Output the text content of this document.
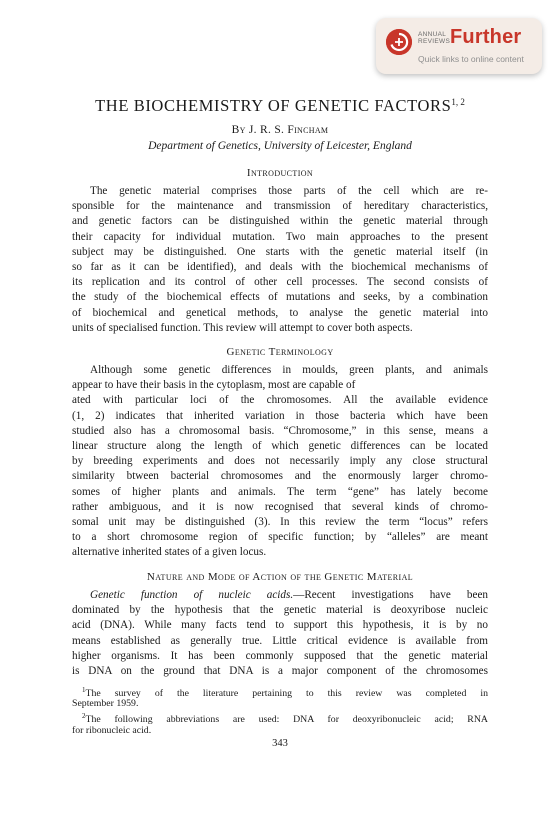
ANNUAL
REVIEWS Further
Quick links to online content
THE BIOCHEMISTRY OF GENETIC FACTORS$^{1, 2}$
By J. R. S. Fincham
Department of Genetics, University of Leicester, England
Introduction
The genetic material comprises those parts of the cell which are re-
sponsible for the maintenance and transmission of hereditary characteristics,
and genetic factors can be distinguished within the genetic material through
their capacity for individual mutation. Two main approaches to the present
subject may be distinguished. One starts with the genetic material itself (in
so far as it can be identified), and deals with the biochemical mechanisms of
its replication and its control of other cell processes. The second consists of
the study of the biochemical effects of mutations and seeks, by a combination
of biochemical and genetical methods, to analyse the genetic material into
units of specialised function. This review will attempt to cover both aspects.
Genetic Terminology
Although some genetic differences in moulds, green plants, and animals
appear to have their basis in the cytoplasm, most are capable of
ated with particular loci of the chromosomes. All the available evidence
(1, 2) indicates that inherited variation in those bacteria which have been
studied also has a chromosomal basis. “Chromosome,” in this sense, means a
linear structure along the length of which genetic differences can be located
by breeding experiments and does not necessarily imply any close structural
similarity btween bacterial chromosomes and the enormously larger chromo-
somes of higher plants and animals. The term “gene” has lately become
rather ambiguous, and it is now recognised that several kinds of chromo-
somal unit may be distinguished (3). In this review the term “locus” refers
to a short chromosome region of specific function; by “alleles” are meant
alternative inherited states of a given locus.
Nature and Mode of Action of the Genetic Material
Genetic function of nucleic acids.—Recent investigations have been
dominated by the hypothesis that the genetic material is deoxyribose nucleic
acid (DNA). While many facts tend to support this hypothesis, it is by no
means established as generally true. Little critical evidence is available from
higher organisms. It has been commonly supposed that the genetic material
is DNA on the ground that DNA is a major component of the chromosomes
$^1$The survey of the literature pertaining to this review was completed in
September 1959.
$^2$The following abbreviations are used: DNA for deoxyribonucleic acid; RNA
for ribonucleic acid.
343
